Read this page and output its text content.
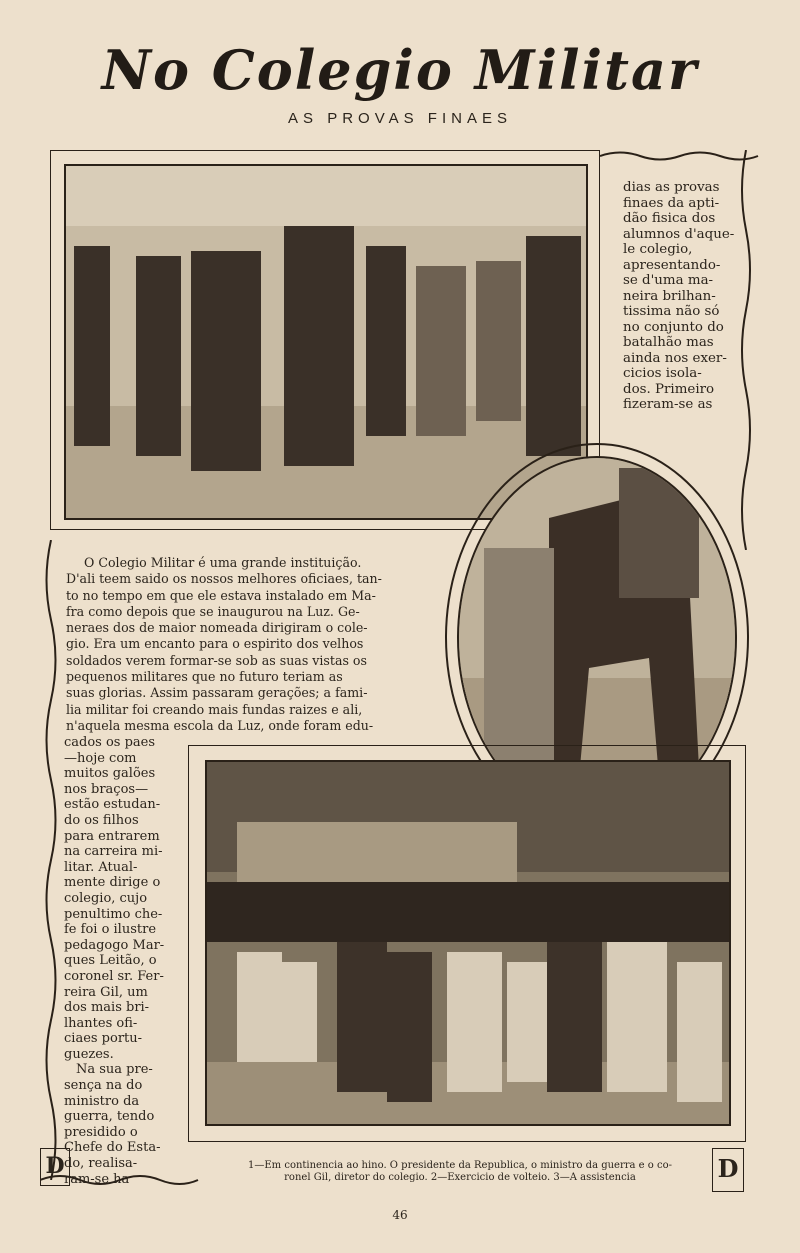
No Colegio Militar
AS PROVAS FINAES
D	D
dias as provas
finaes da apti-
dão fisica dos
alumnos d'aque-
le colegio,
apresentando-
se d'uma ma-
neira brilhan-
tissima não só
no conjunto do
batalhão mas
ainda nos exer-
cicios isola-
dos. Primeiro
fizeram-se as
O Colegio Militar é uma grande instituição.
D'ali teem saido os nossos melhores oficiaes, tan-
to no tempo em que ele estava instalado em Ma-
fra como depois que se inaugurou na Luz. Ge-
neraes dos de maior nomeada dirigiram o cole-
gio. Era um encanto para o espirito dos velhos
soldados verem formar-se sob as suas vistas os
pequenos militares que no futuro teriam as
suas glorias. Assim passaram gerações; a fami-
lia militar foi creando mais fundas raizes e ali,
n'aquela mesma escola da Luz, onde foram edu-
cados os paes
—hoje com
muitos galões
nos braços—
estão estudan-
do os filhos
para entrarem
na carreira mi-
litar. Atual-
mente dirige o
colegio, cujo
penultimo che-
fe foi o ilustre
pedagogo Mar-
ques Leitão, o
coronel sr. Fer-
reira Gil, um
dos mais bri-
lhantes ofi-
ciaes portu-
guezes.
Na sua pre-
sença na do
ministro da
guerra, tendo
presidido o
Chefe do Esta-
do, realisa-
ram-se ha
1—Em continencia ao hino. O presidente da Republica, o ministro da guerra e o co-
ronel Gil, diretor do colegio. 2—Exercicio de volteio. 3—A assistencia
46
